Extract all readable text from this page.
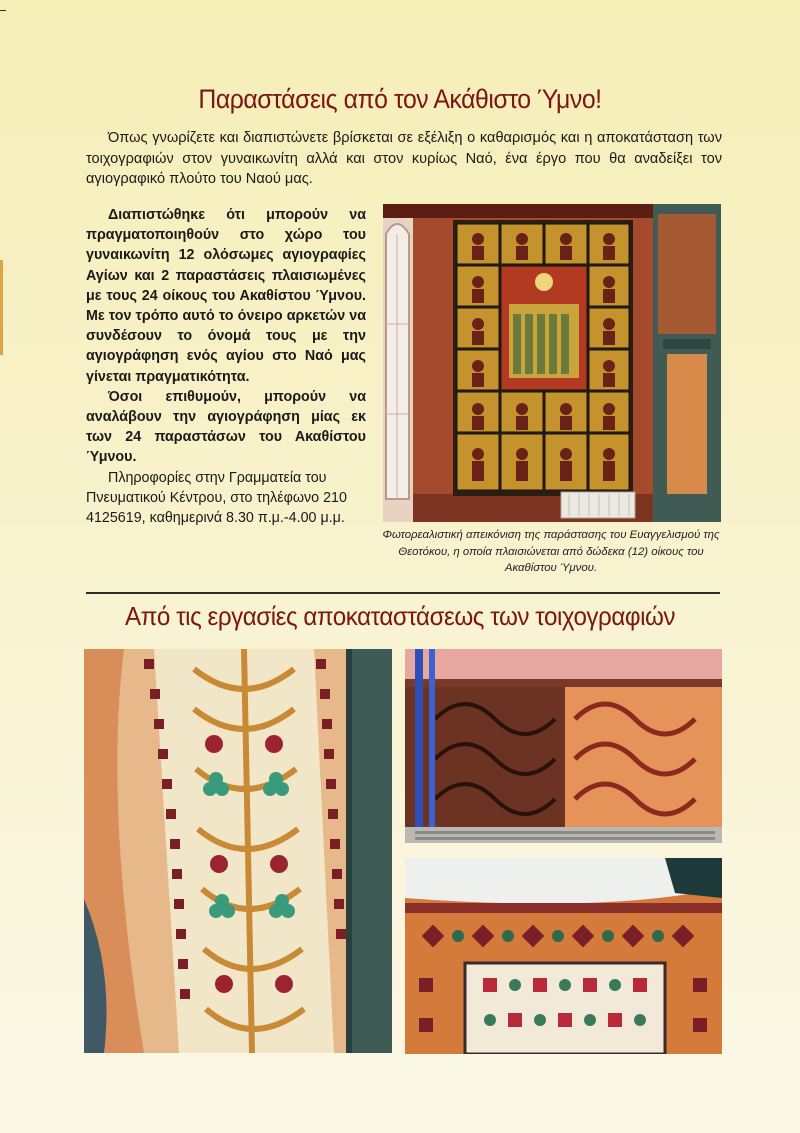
Παραστάσεις από τον Ακάθιστο Ύμνο!
Όπως γνωρίζετε και διαπιστώνετε βρίσκεται σε εξέλιξη ο καθαρισμός και η αποκατάσταση των τοιχογραφιών στον γυναικωνίτη αλλά και στον κυρίως Ναό, ένα έργο που θα αναδείξει τον αγιογραφικό πλούτο του Ναού μας.

Διαπιστώθηκε ότι μπορούν να πραγματοποιηθούν στο χώρο του γυναικωνίτη 12 ολόσωμες αγιογραφίες Αγίων και 2 παραστάσεις πλαισιωμένες με τους 24 οίκους του Ακαθίστου Ύμνου. Με τον τρόπο αυτό το όνειρο αρκετών να συνδέσουν το όνομά τους με την αγιογράφηση ενός αγίου στο Ναό μας γίνεται πραγματικότητα.

Όσοι επιθυμούν, μπορούν να αναλάβουν την αγιογράφηση μίας εκ των 24 παραστάσων του Ακαθίστου Ύμνου.

Πληροφορίες στην Γραμματεία του Πνευματικού Κέντρου, στο τηλέφωνο 210 4125619, καθημερινά 8.30 π.μ.-4.00 μ.μ.

Φωτορεαλιστική απεικόνιση της παράστασης του Ευαγγελισμού της Θεοτόκου, η οποία πλαισιώνεται από δώδεκα (12) οίκους του Ακαθίστου Ύμνου.
Από τις εργασίες αποκαταστάσεως των τοιχογραφιών
